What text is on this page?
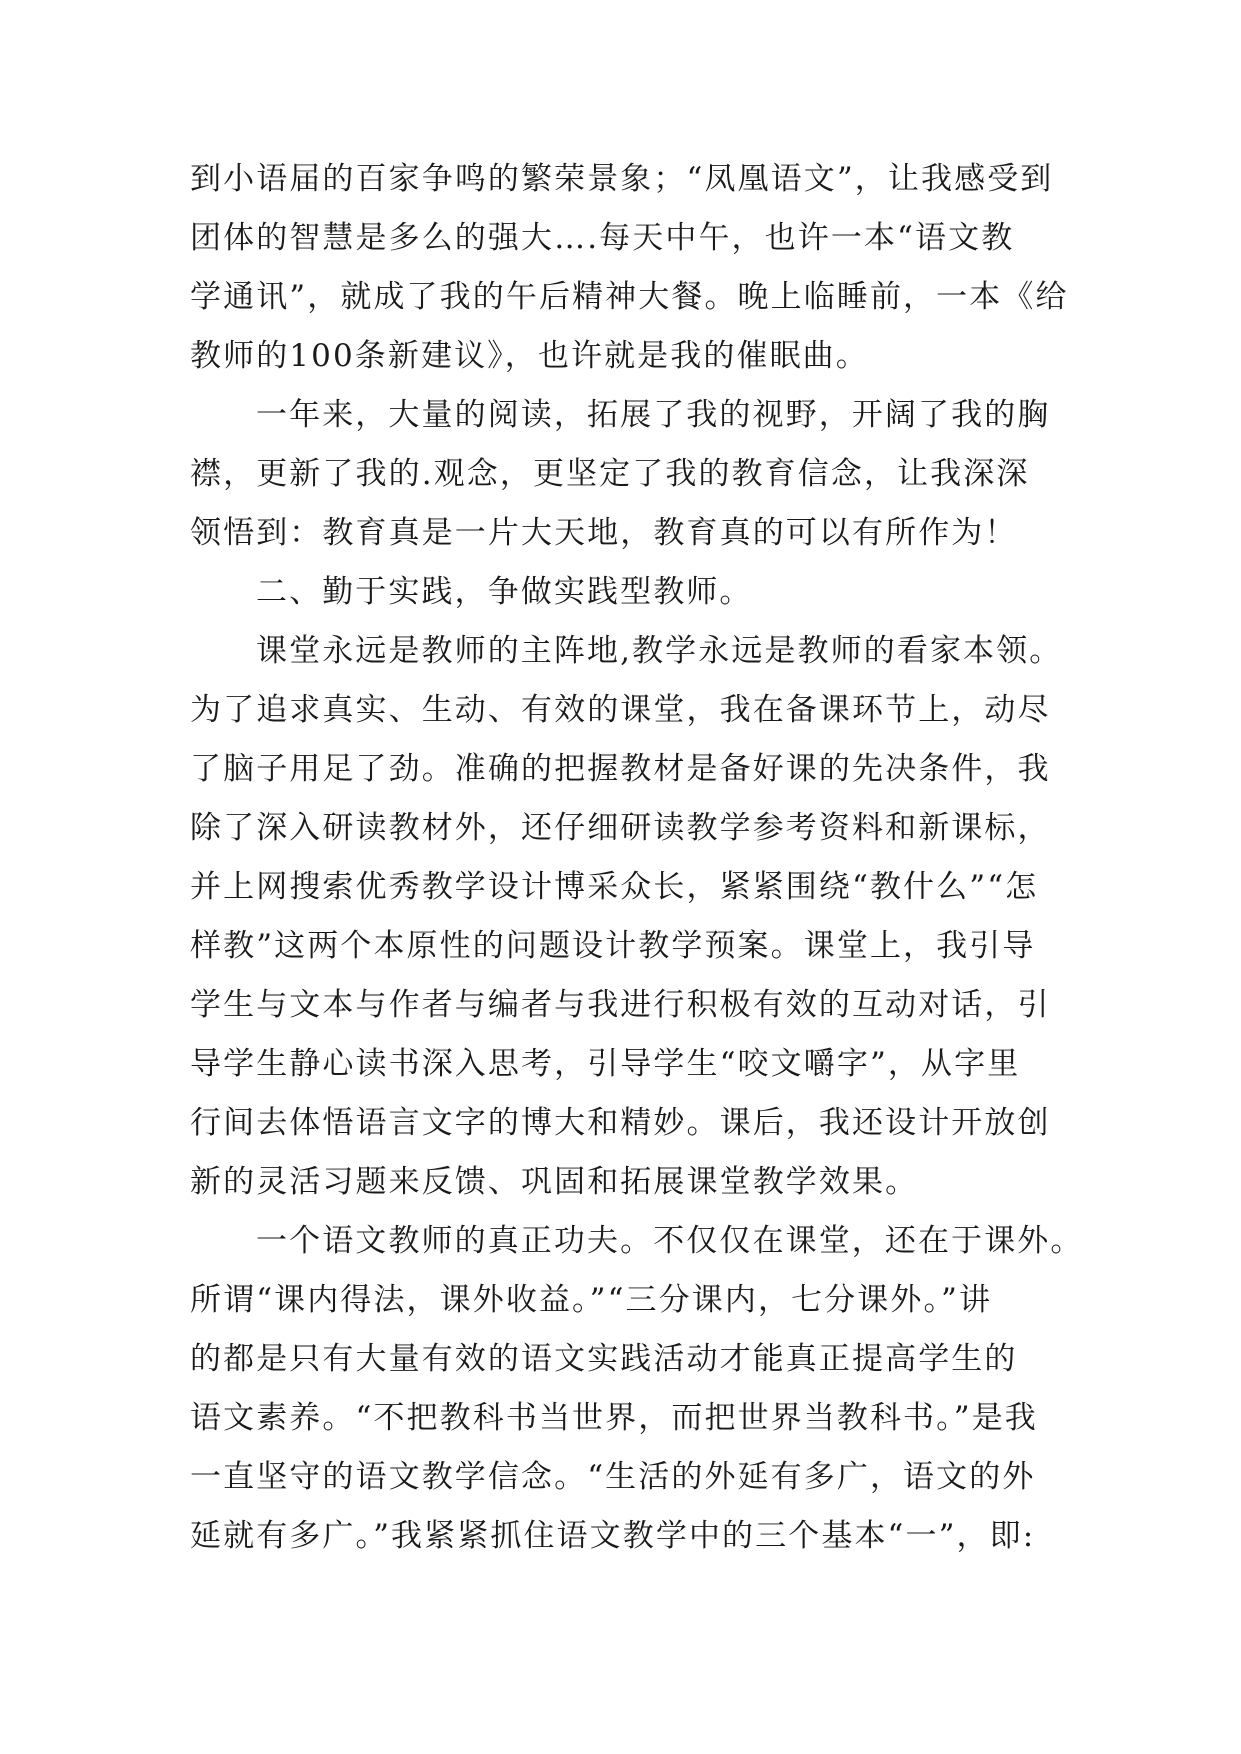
到小语届的百家争鸣的繁荣景象；“凤凰语文”，让我感受到
团体的智慧是多么的强大….每天中午，也许一本“语文教
学通讯”，就成了我的午后精神大餐。晚上临睡前，一本《给
教师的100条新建议》，也许就是我的催眠曲。
一年来，大量的阅读，拓展了我的视野，开阔了我的胸
襟，更新了我的.观念，更坚定了我的教育信念，让我深深
领悟到：教育真是一片大天地，教育真的可以有所作为！
二、勤于实践，争做实践型教师。
课堂永远是教师的主阵地,教学永远是教师的看家本领。
为了追求真实、生动、有效的课堂，我在备课环节上，动尽
了脑子用足了劲。准确的把握教材是备好课的先决条件，我
除了深入研读教材外，还仔细研读教学参考资料和新课标，
并上网搜索优秀教学设计博采众长，紧紧围绕“教什么”“怎
样教”这两个本原性的问题设计教学预案。课堂上，我引导
学生与文本与作者与编者与我进行积极有效的互动对话，引
导学生静心读书深入思考，引导学生“咬文嚼字”，从字里
行间去体悟语言文字的博大和精妙。课后，我还设计开放创
新的灵活习题来反馈、巩固和拓展课堂教学效果。
一个语文教师的真正功夫。不仅仅在课堂，还在于课外。
所谓“课内得法，课外收益。”“三分课内，七分课外。”讲
的都是只有大量有效的语文实践活动才能真正提高学生的
语文素养。“不把教科书当世界，而把世界当教科书。”是我
一直坚守的语文教学信念。“生活的外延有多广，语文的外
延就有多广。”我紧紧抓住语文教学中的三个基本“一”，即:
